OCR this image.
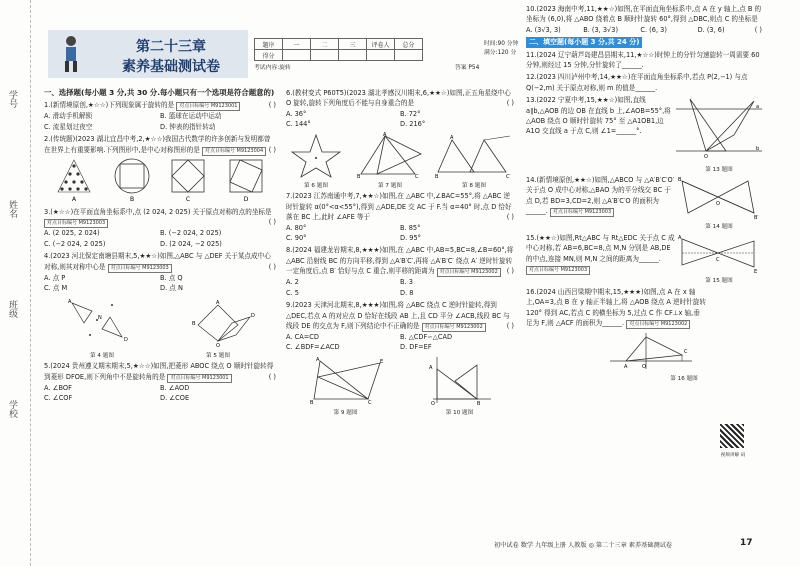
学号
姓名
班级
学校
第二十三章
素养基础测试卷
题序	一	二	三	评卷人	总分
得分					
时间:90 分钟
满分:120 分
考试内容:旋转	答案 P54
一、选择题(每小题 3 分,共 30 分.每小题只有一个选项是符合题意的)
( )
1.(新情境原创,★☆☆)下列现象属于旋转的是 对点目标编号 M9123001
A. 滑动手机解锁	B. 篮球在运动中运动
C. 流星划过夜空	D. 钟表的指针转动
2.(传统题)(2023 湖北宜昌中考,2,★☆☆)我国古代数学的许多创新与发明都曾在世界上有重要影响.下列图形中,是中心对称图形的是	( )
对点目标编号 M9123004
A	B	C	D
3.(★☆☆)在平面直角坐标系中,点 (2 024, 2 025) 关于原点对称的点的坐标是
( )
对点目标编号 M9123003
A. (2 025, 2 024)	B. (−2 024, 2 025)
C. (−2 024, 2 025)	D. (2 024, −2 025)
4.(2023 河北保定南塘县期末,5,★★☆)如图,△ABC 与 △DEF 关于某点成中心对称,则其对称中心是	( )
对点目标编号 M9123003
A. 点 P	B. 点 Q
C. 点 M	D. 点 N
A
D
N
第 4 题图
O
A
B
D
第 5 题图
5.(2024 贵州遵义期末期末,5,★☆☆)如图,把菱形 ABOC 绕点 O 顺时针旋转得到菱形 DFOE,则下列角中不是旋转角的是	( )
对点目标编号 M9123001
A. ∠BOF	B. ∠AOD
C. ∠COF	D. ∠COE
6.(教材变式 P60T5)(2023 湖北孝感汉川期末,6,★★☆)如图,正五角星绕中心 O 旋转,旋转下列角度后不能与自身重合的是	( )
A. 36°	B. 72°
C. 144°	D. 216°
第 6 题图
A
B	C
第 7 题图
A
B	C′
第 8 题图
7.(2023 江苏南通中考,7,★★☆)如图,在 △ABC 中,∠BAC=55°,将 △ABC 逆时针旋转 α(0°<α<55°),得到 △ADE,DE 交 AC 于 F.当 α=40° 时,点 D 恰好落在 BC 上,此时 ∠AFE 等于	( )
A. 80°	B. 85°
C. 90°	D. 95°
8.(2024 福建龙岩期末,8,★★★)如图,在 △ABC 中,AB=5,BC=8,∠B=60°,将 △ABC 沿射线 BC 的方向平移,得到 △A′B′C′,再将 △A′B′C′ 绕点 A′ 逆时针旋转一定角度后,点 B′ 恰好与点 C 重合,则平移的距离为	( )
对点目标编号 M9123002
A. 2	B. 3
C. 5	D. 8
9.(2023 天津河北期末,8,★★★)如图,将 △ABC 绕点 C 逆时针旋转,得到 △DEC,若点 A 的对应点 D 恰好在线段 AB 上,且 CD 平分 ∠ACB,线段 BC 与线段 DE 的交点为 F,则下列结论中不正确的是	( )
对点目标编号 M9123002
A. CA=CD	B. △CDF∽△CAD
C. ∠BDF=∠ACD	D. DF=EF
A
B	C
E
第 9 题图
A
B
O
第 10 题图
10.(2023 海南中考,11,★★☆)如图,在平面直角坐标系中,点 A 在 y 轴上,点 B 的坐标为 (6,0),将 △ABO 绕着点 B 顺时针旋转 60°,得到 △DBC,则点 C 的坐标是
( )
A. (3√3, 3)	B. (3, 3√3)	C. (6, 3)	D. (3, 6)
二、填空题(每小题 3 分,共 24 分)
11.(2024 辽宁葫芦岛建昌县期末,11,★☆☆)时钟上的分针匀速旋转一周需要 60 分钟,则经过 15 分钟,分针旋转了______.
12.(2023 四川泸州中考,14,★★☆)在平面直角坐标系中,若点 P(2,−1) 与点 Q(−2,m) 关于原点对称,则 m 的值是______.
13.(2022 宁夏中考,15,★★☆)如图,直线 a∥b,△AOB 的边 OB 在直线 b 上,∠AOB=55°,将 △AOB 绕点 O 顺时针旋转 75° 至 △A1OB1,边 A1O 交直线 a 于点 C,则 ∠1=______°.
a
b
O
第 13 题图
14.(新情境原创,★★☆)如图,△ABCO 与 △A′B′C′O′ 关于点 O 成中心对称,△BAO 为的平分线交 BC 于点 D,若 BD=3,CD=2,则 △A′B′C′O 的面积为______. 对点目标编号 M9123003
B
O
B′
第 14 题图
15.(★★☆)如图,Rt△ABC 与 Rt△EDC 关于点 C 成中心对称,若 AB=6,BC=8,点 M,N 分别是 AB,DE 的中点,连接 MN,则 M,N 之间的距离为______. 对点目标编号 M9123003
A
C
E
第 15 题图
16.(2024 山西吕梁期中期末,15,★★★)如图,点 A 在 x 轴上,OA=3,点 B 在 y 轴正半轴上,将 △AOB 绕点 A 逆时针旋转 120° 得到 AC,若点 C 的横坐标为 5,过点 C 作 CF⊥x 轴,垂足为 F,则 △ACF 的面积为______. 对点目标编号 M9123002
A	O
C
第 16 题图
视频讲解 码
初中试卷 数学 九年级上册 人教版 ◎ 第二十三章 素养基础测试卷	17
